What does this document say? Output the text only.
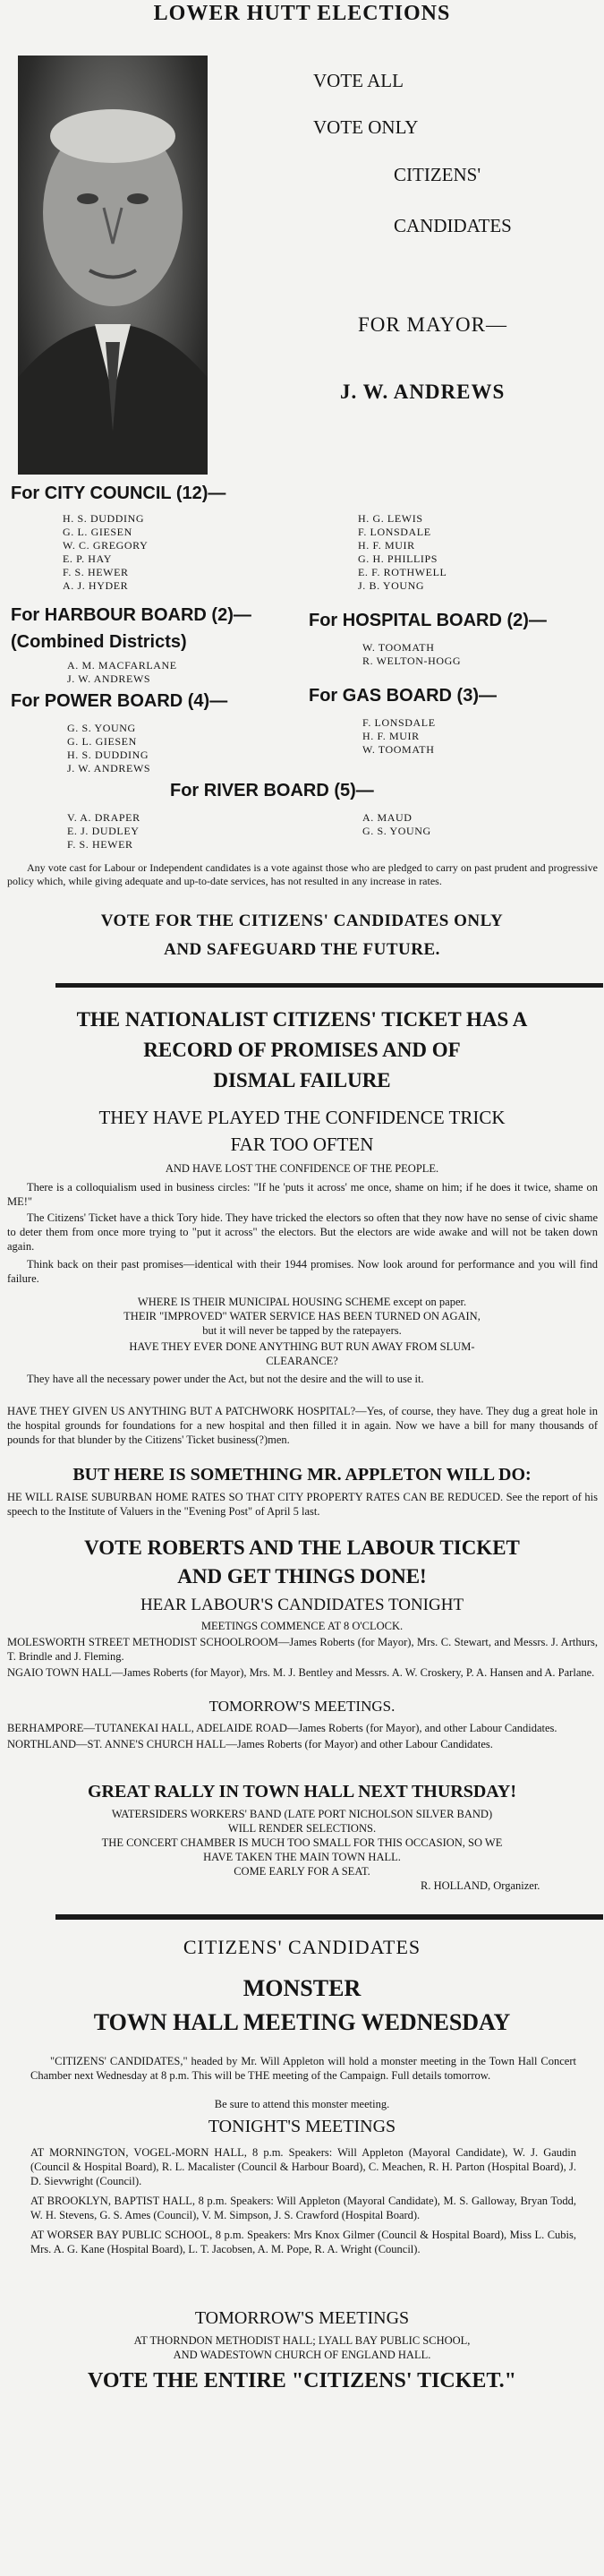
LOWER HUTT ELECTIONS
VOTE ALL
VOTE ONLY
CITIZENS'
CANDIDATES
FOR MAYOR—
J. W. ANDREWS
For CITY COUNCIL (12)—
H. S. DUDDING
G. L. GIESEN
W. C. GREGORY
E. P. HAY
F. S. HEWER
A. J. HYDER
H. G. LEWIS
F. LONSDALE
H. F. MUIR
G. H. PHILLIPS
E. F. ROTHWELL
J. B. YOUNG
For HARBOUR BOARD (2)—
(Combined Districts)
A. M. MACFARLANE
J. W. ANDREWS
For HOSPITAL BOARD (2)—
W. TOOMATH
R. WELTON-HOGG
For POWER BOARD (4)—
G. S. YOUNG
G. L. GIESEN
H. S. DUDDING
J. W. ANDREWS
For GAS BOARD (3)—
F. LONSDALE
H. F. MUIR
W. TOOMATH
For RIVER BOARD (5)—
V. A. DRAPER
E. J. DUDLEY
F. S. HEWER
A. MAUD
G. S. YOUNG

Any vote cast for Labour or Independent candidates is a vote against those who are pledged to carry on past prudent and progressive policy which, while giving adequate and up-to-date services, has not resulted in any increase in rates.

VOTE FOR THE CITIZENS' CANDIDATES ONLY
AND SAFEGUARD THE FUTURE.
THE NATIONALIST CITIZENS' TICKET HAS A
RECORD OF PROMISES AND OF
DISMAL FAILURE
THEY HAVE PLAYED THE CONFIDENCE TRICK
FAR TOO OFTEN
AND HAVE LOST THE CONFIDENCE OF THE PEOPLE.

There is a colloquialism used in business circles: "If he 'puts it across' me once, shame on him; if he does it twice, shame on ME!"

The Citizens' Ticket have a thick Tory hide. They have tricked the electors so often that they now have no sense of civic shame to deter them from once more trying to "put it across" the electors. But the electors are wide awake and will not be taken down again.

Think back on their past promises—identical with their 1944 promises. Now look around for performance and you will find failure.

WHERE IS THEIR MUNICIPAL HOUSING SCHEME except on paper.
THEIR "IMPROVED" WATER SERVICE HAS BEEN TURNED ON AGAIN,
but it will never be tapped by the ratepayers.
HAVE THEY EVER DONE ANYTHING BUT RUN AWAY FROM SLUM-
CLEARANCE?

They have all the necessary power under the Act, but not the desire and the will to use it.

HAVE THEY GIVEN US ANYTHING BUT A PATCHWORK HOSPITAL?—Yes, of course, they have. They dug a great hole in the hospital grounds for foundations for a new hospital and then filled it in again. Now we have a bill for many thousands of pounds for that blunder by the Citizens' Ticket business(?)men.

BUT HERE IS SOMETHING MR. APPLETON WILL DO:

HE WILL RAISE SUBURBAN HOME RATES SO THAT CITY PROPERTY RATES CAN BE REDUCED. See the report of his speech to the Institute of Valuers in the "Evening Post" of April 5 last.

VOTE ROBERTS AND THE LABOUR TICKET
AND GET THINGS DONE!
HEAR LABOUR'S CANDIDATES TONIGHT
MEETINGS COMMENCE AT 8 O'CLOCK.

MOLESWORTH STREET METHODIST SCHOOLROOM—James Roberts (for Mayor), Mrs. C. Stewart, and Messrs. J. Arthurs, T. Brindle and J. Fleming.

NGAIO TOWN HALL—James Roberts (for Mayor), Mrs. M. J. Bentley and Messrs. A. W. Croskery, P. A. Hansen and A. Parlane.

TOMORROW'S MEETINGS.

BERHAMPORE—TUTANEKAI HALL, ADELAIDE ROAD—James Roberts (for Mayor), and other Labour Candidates.

NORTHLAND—ST. ANNE'S CHURCH HALL—James Roberts (for Mayor) and other Labour Candidates.

GREAT RALLY IN TOWN HALL NEXT THURSDAY!
WATERSIDERS WORKERS' BAND (LATE PORT NICHOLSON SILVER BAND)
WILL RENDER SELECTIONS.
THE CONCERT CHAMBER IS MUCH TOO SMALL FOR THIS OCCASION, SO WE
HAVE TAKEN THE MAIN TOWN HALL.
COME EARLY FOR A SEAT.
R. HOLLAND, Organizer.
CITIZENS' CANDIDATES
MONSTER
TOWN HALL MEETING WEDNESDAY

"CITIZENS' CANDIDATES," headed by Mr. Will Appleton will hold a monster meeting in the Town Hall Concert Chamber next Wednesday at 8 p.m. This will be THE meeting of the Campaign. Full details tomorrow.

Be sure to attend this monster meeting.
TONIGHT'S MEETINGS

AT MORNINGTON, VOGEL-MORN HALL, 8 p.m. Speakers: Will Appleton (Mayoral Candidate), W. J. Gaudin (Council & Hospital Board), R. L. Macalister (Council & Harbour Board), C. Meachen, R. H. Parton (Hospital Board), J. D. Sievwright (Council).

AT BROOKLYN, BAPTIST HALL, 8 p.m. Speakers: Will Appleton (Mayoral Candidate), M. S. Galloway, Bryan Todd, W. H. Stevens, G. S. Ames (Council), V. M. Simpson, J. S. Crawford (Hospital Board).

AT WORSER BAY PUBLIC SCHOOL, 8 p.m. Speakers: Mrs Knox Gilmer (Council & Hospital Board), Miss L. Cubis, Mrs. A. G. Kane (Hospital Board), L. T. Jacobsen, A. M. Pope, R. A. Wright (Council).

TOMORROW'S MEETINGS
AT THORNDON METHODIST HALL; LYALL BAY PUBLIC SCHOOL,
AND WADESTOWN CHURCH OF ENGLAND HALL.
VOTE THE ENTIRE "CITIZENS' TICKET."
